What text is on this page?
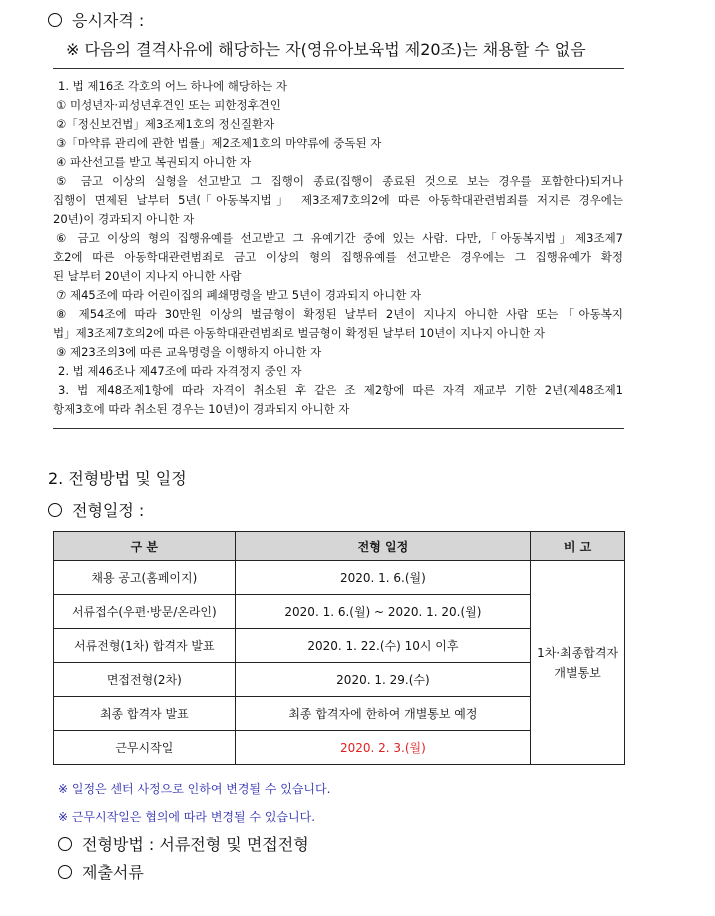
응시자격 :
※ 다음의 결격사유에 해당하는 자(영유아보육법 제20조)는 채용할 수 없음
1. 법 제16조 각호의 어느 하나에 해당하는 자
① 미성년자·피성년후견인 또는 피한정후견인
②「정신보건법」제3조제1호의 정신질환자
③「마약류 관리에 관한 법률」제2조제1호의 마약류에 중독된 자
④ 파산선고를 받고 복권되지 아니한 자
⑤ 금고 이상의 실형을 선고받고 그 집행이 종료(집행이 종료된 것으로 보는 경우를 포함한다)되거나
집행이 면제된 날부터 5년(「아동복지법」 제3조제7호의2에 따른 아동학대관련범죄를 저지른 경우에는
20년)이 경과되지 아니한 자
⑥ 금고 이상의 형의 집행유예를 선고받고 그 유예기간 중에 있는 사람. 다만,「아동복지법」제3조제7
호2에 따른 아동학대관련범죄로 금고 이상의 형의 집행유예를 선고받은 경우에는 그 집행유예가 확정
된 날부터 20년이 지나지 아니한 사람
⑦ 제45조에 따라 어린이집의 폐쇄명령을 받고 5년이 경과되지 아니한 자
⑧ 제54조에 따라 30만원 이상의 벌금형이 확정된 날부터 2년이 지나지 아니한 사람 또는「아동복지
법」제3조제7호의2에 따른 아동학대관련범죄로 벌금형이 확정된 날부터 10년이 지나지 아니한 자
⑨ 제23조의3에 따른 교육명령을 이행하지 아니한 자
2. 법 제46조나 제47조에 따라 자격정지 중인 자
3. 법 제48조제1항에 따라 자격이 취소된 후 같은 조 제2항에 따른 자격 재교부 기한 2년(제48조제1
항제3호에 따라 취소된 경우는 10년)이 경과되지 아니한 자
2. 전형방법 및 일정
전형일정 :
구 분	전형 일정	비 고
채용 공고(홈페이지)	2020. 1. 6.(월)	1차·최종합격자
개별통보

서류접수(우편·방문/온라인)	2020. 1. 6.(월) ~ 2020. 1. 20.(월)	
서류전형(1차) 합격자 발표	2020. 1. 22.(수) 10시 이후	
면접전형(2차)	2020. 1. 29.(수)	
최종 합격자 발표	최종 합격자에 한하여 개별통보 예정	
근무시작일	2020. 2. 3.(월)	
※ 일정은 센터 사정으로 인하여 변경될 수 있습니다.
※ 근무시작일은 협의에 따라 변경될 수 있습니다.
전형방법 : 서류전형 및 면접전형
제출서류
